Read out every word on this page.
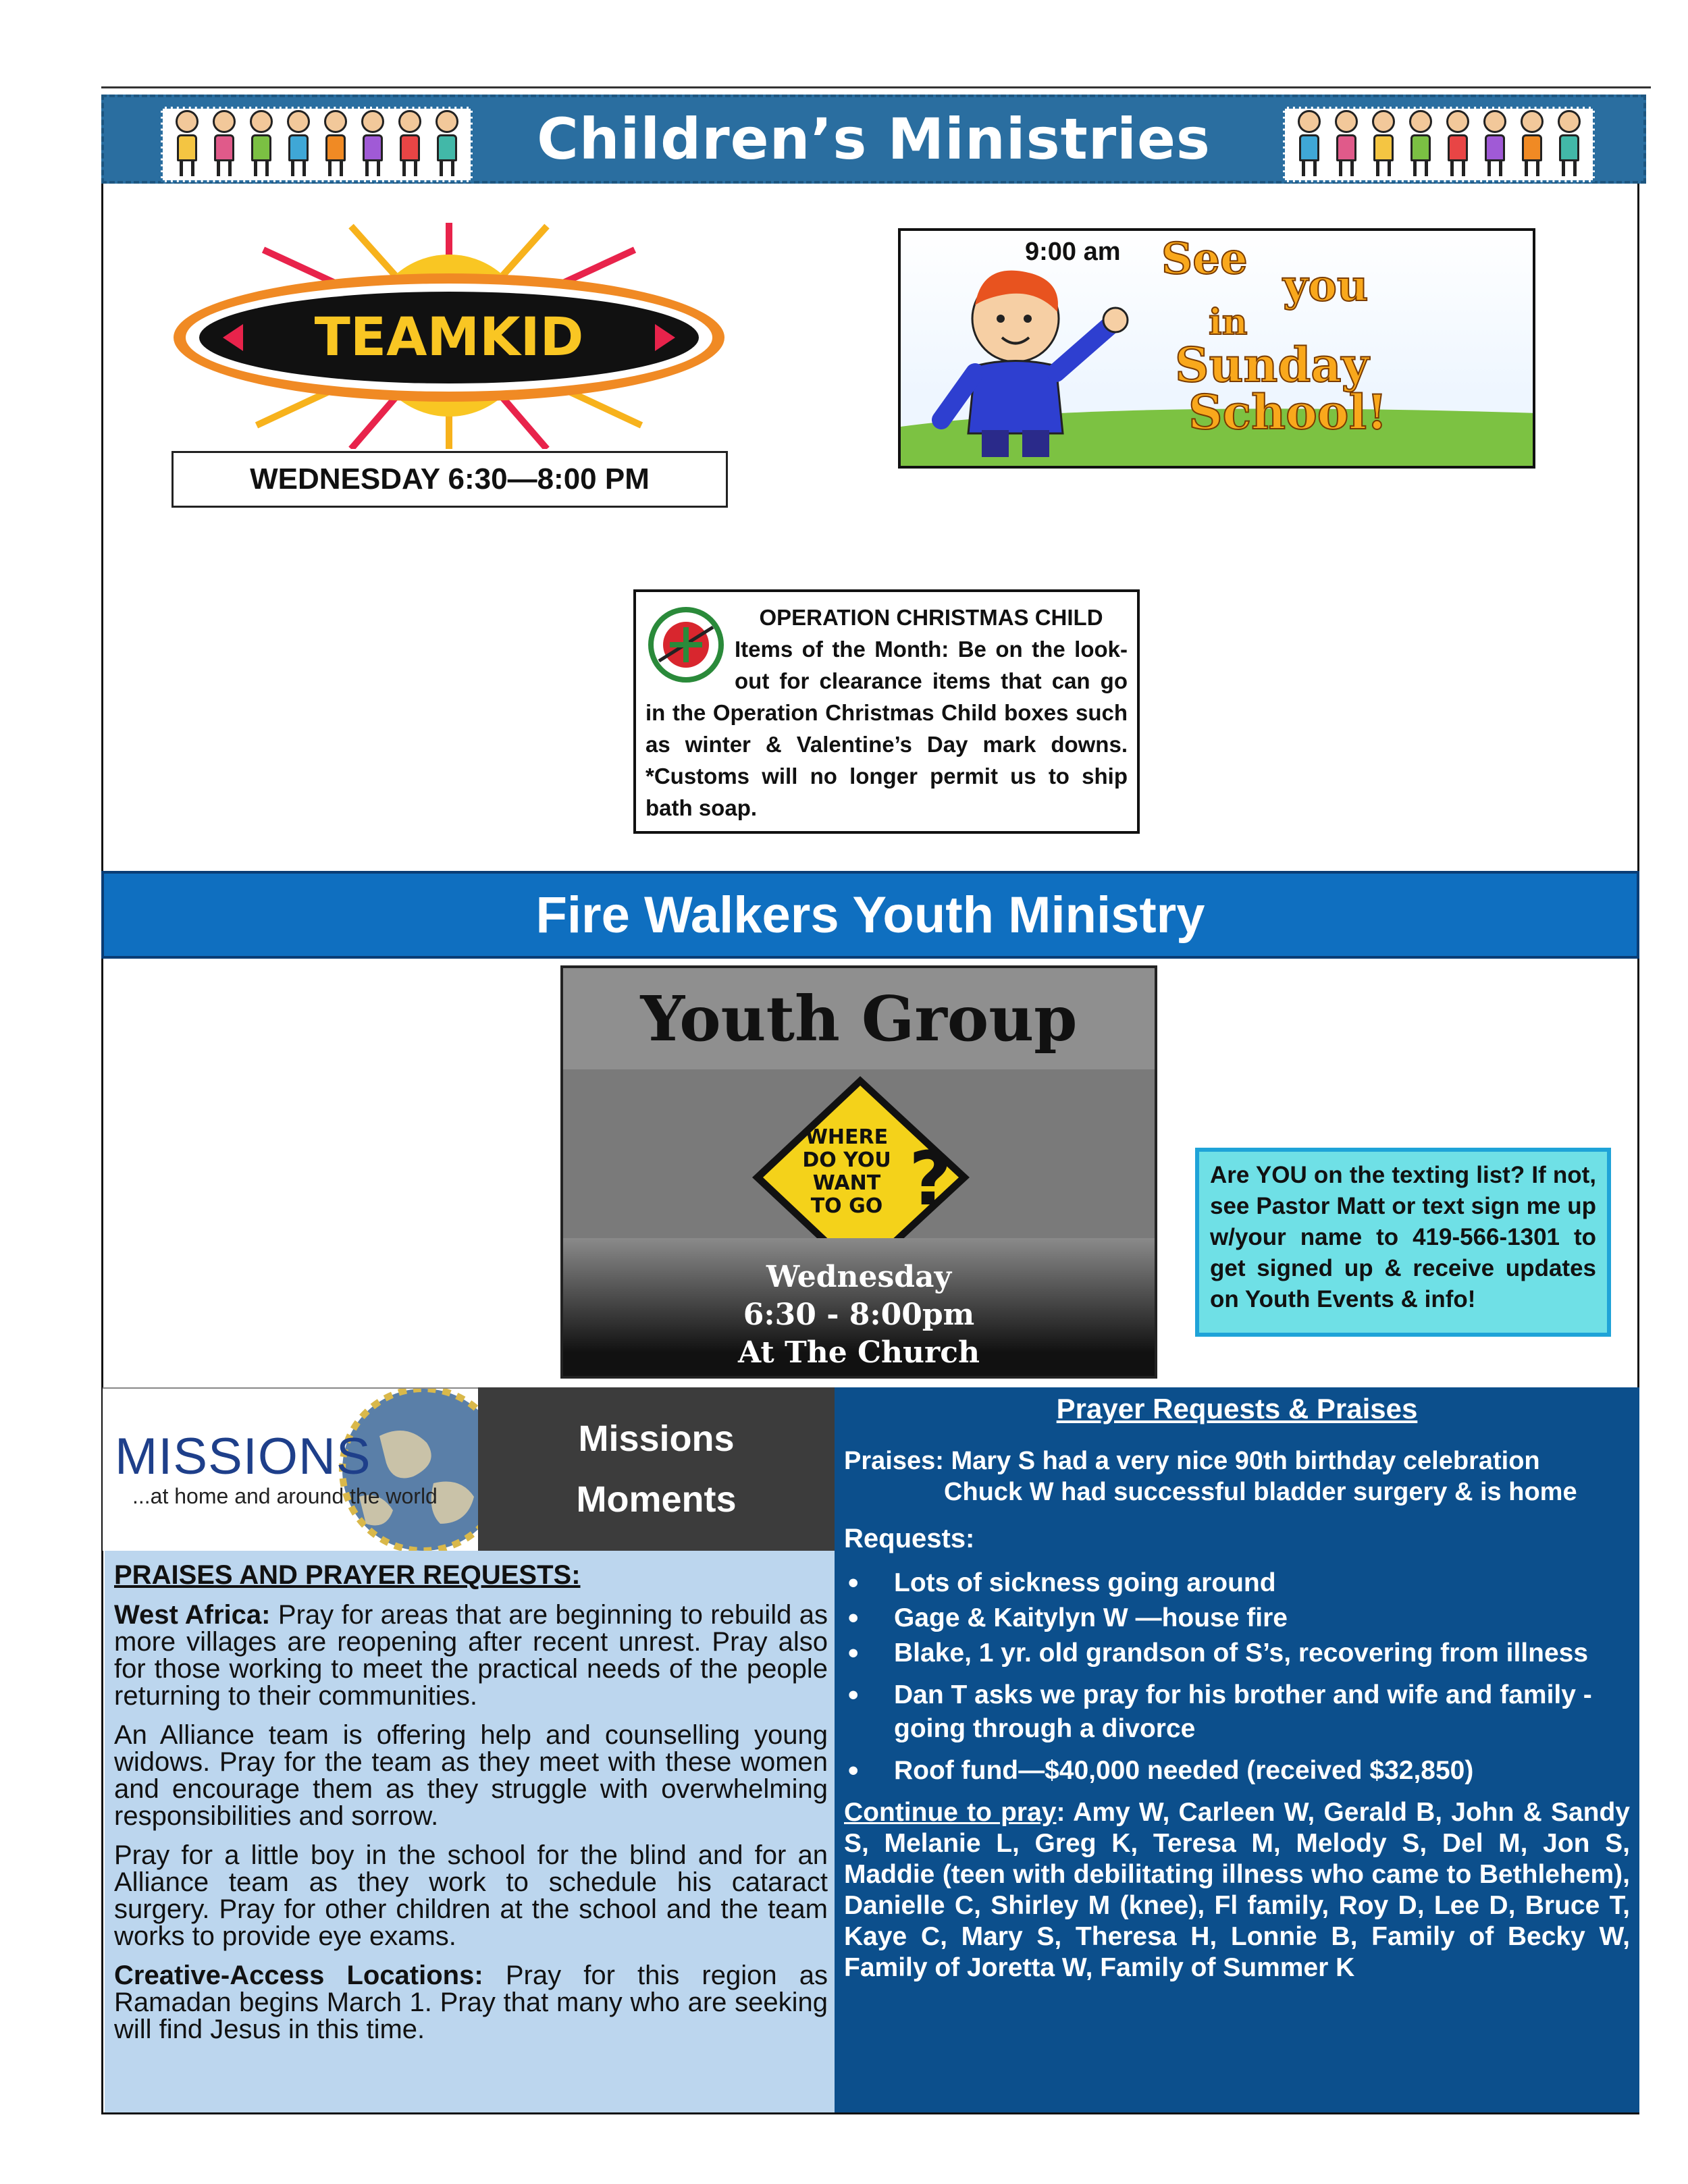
Children’s Ministries
TEAMKID
WEDNESDAY 6:30—8:00 PM
9:00 am See
you
in
Sunday
School!
OPERATION CHRISTMAS CHILD
Items of the Month: Be on the look-out for clearance items that can go in the Operation Christmas Child boxes such as winter & Valentine’s Day mark downs. *Customs will no longer permit us to ship bath soap.
Fire Walkers Youth Ministry
Youth Group
WHERE
DO YOU
WANT
TO GO ?
Wednesday
6:30 - 8:00pm
At The Church
Are YOU on the texting list? If not, see Pastor Matt or text sign me up w/your name to 419-566-1301 to get signed up & receive updates on Youth Events & info!
MISSIONS
...at home and around the world
Missions
Moments
PRAISES AND PRAYER REQUESTS:

West Africa: Pray for areas that are beginning to rebuild as more villages are reopening after recent unrest. Pray also for those working to meet the practical needs of the people returning to their communities.

An Alliance team is offering help and counselling young widows. Pray for the team as they meet with these women and encourage them as they struggle with overwhelming responsibilities and sorrow.

Pray for a little boy in the school for the blind and for an Alliance team as they work to schedule his cataract surgery. Pray for other children at the school and the team works to provide eye exams.

Creative-Access Locations: Pray for this region as Ramadan begins March 1. Pray that many who are seeking will find Jesus in this time.

Prayer Requests & Praises
Praises: Mary S had a very nice 90th birthday celebration
Chuck W had successful bladder surgery & is home
Requests:
• Lots of sickness going around
• Gage & Kaitylyn W —house fire
• Blake, 1 yr. old grandson of S’s, recovering from illness
• Dan T asks we pray for his brother and wife and family - going through a divorce
• Roof fund—$40,000 needed (received $32,850)
Continue to pray: Amy W, Carleen W, Gerald B, John & Sandy S, Melanie L, Greg K, Teresa M, Melody S, Del M, Jon S, Maddie (teen with debilitating illness who came to Bethlehem), Danielle C, Shirley M (knee), Fl family, Roy D, Lee D, Bruce T, Kaye C, Mary S, Theresa H, Lonnie B, Family of Becky W, Family of Joretta W, Family of Summer K
